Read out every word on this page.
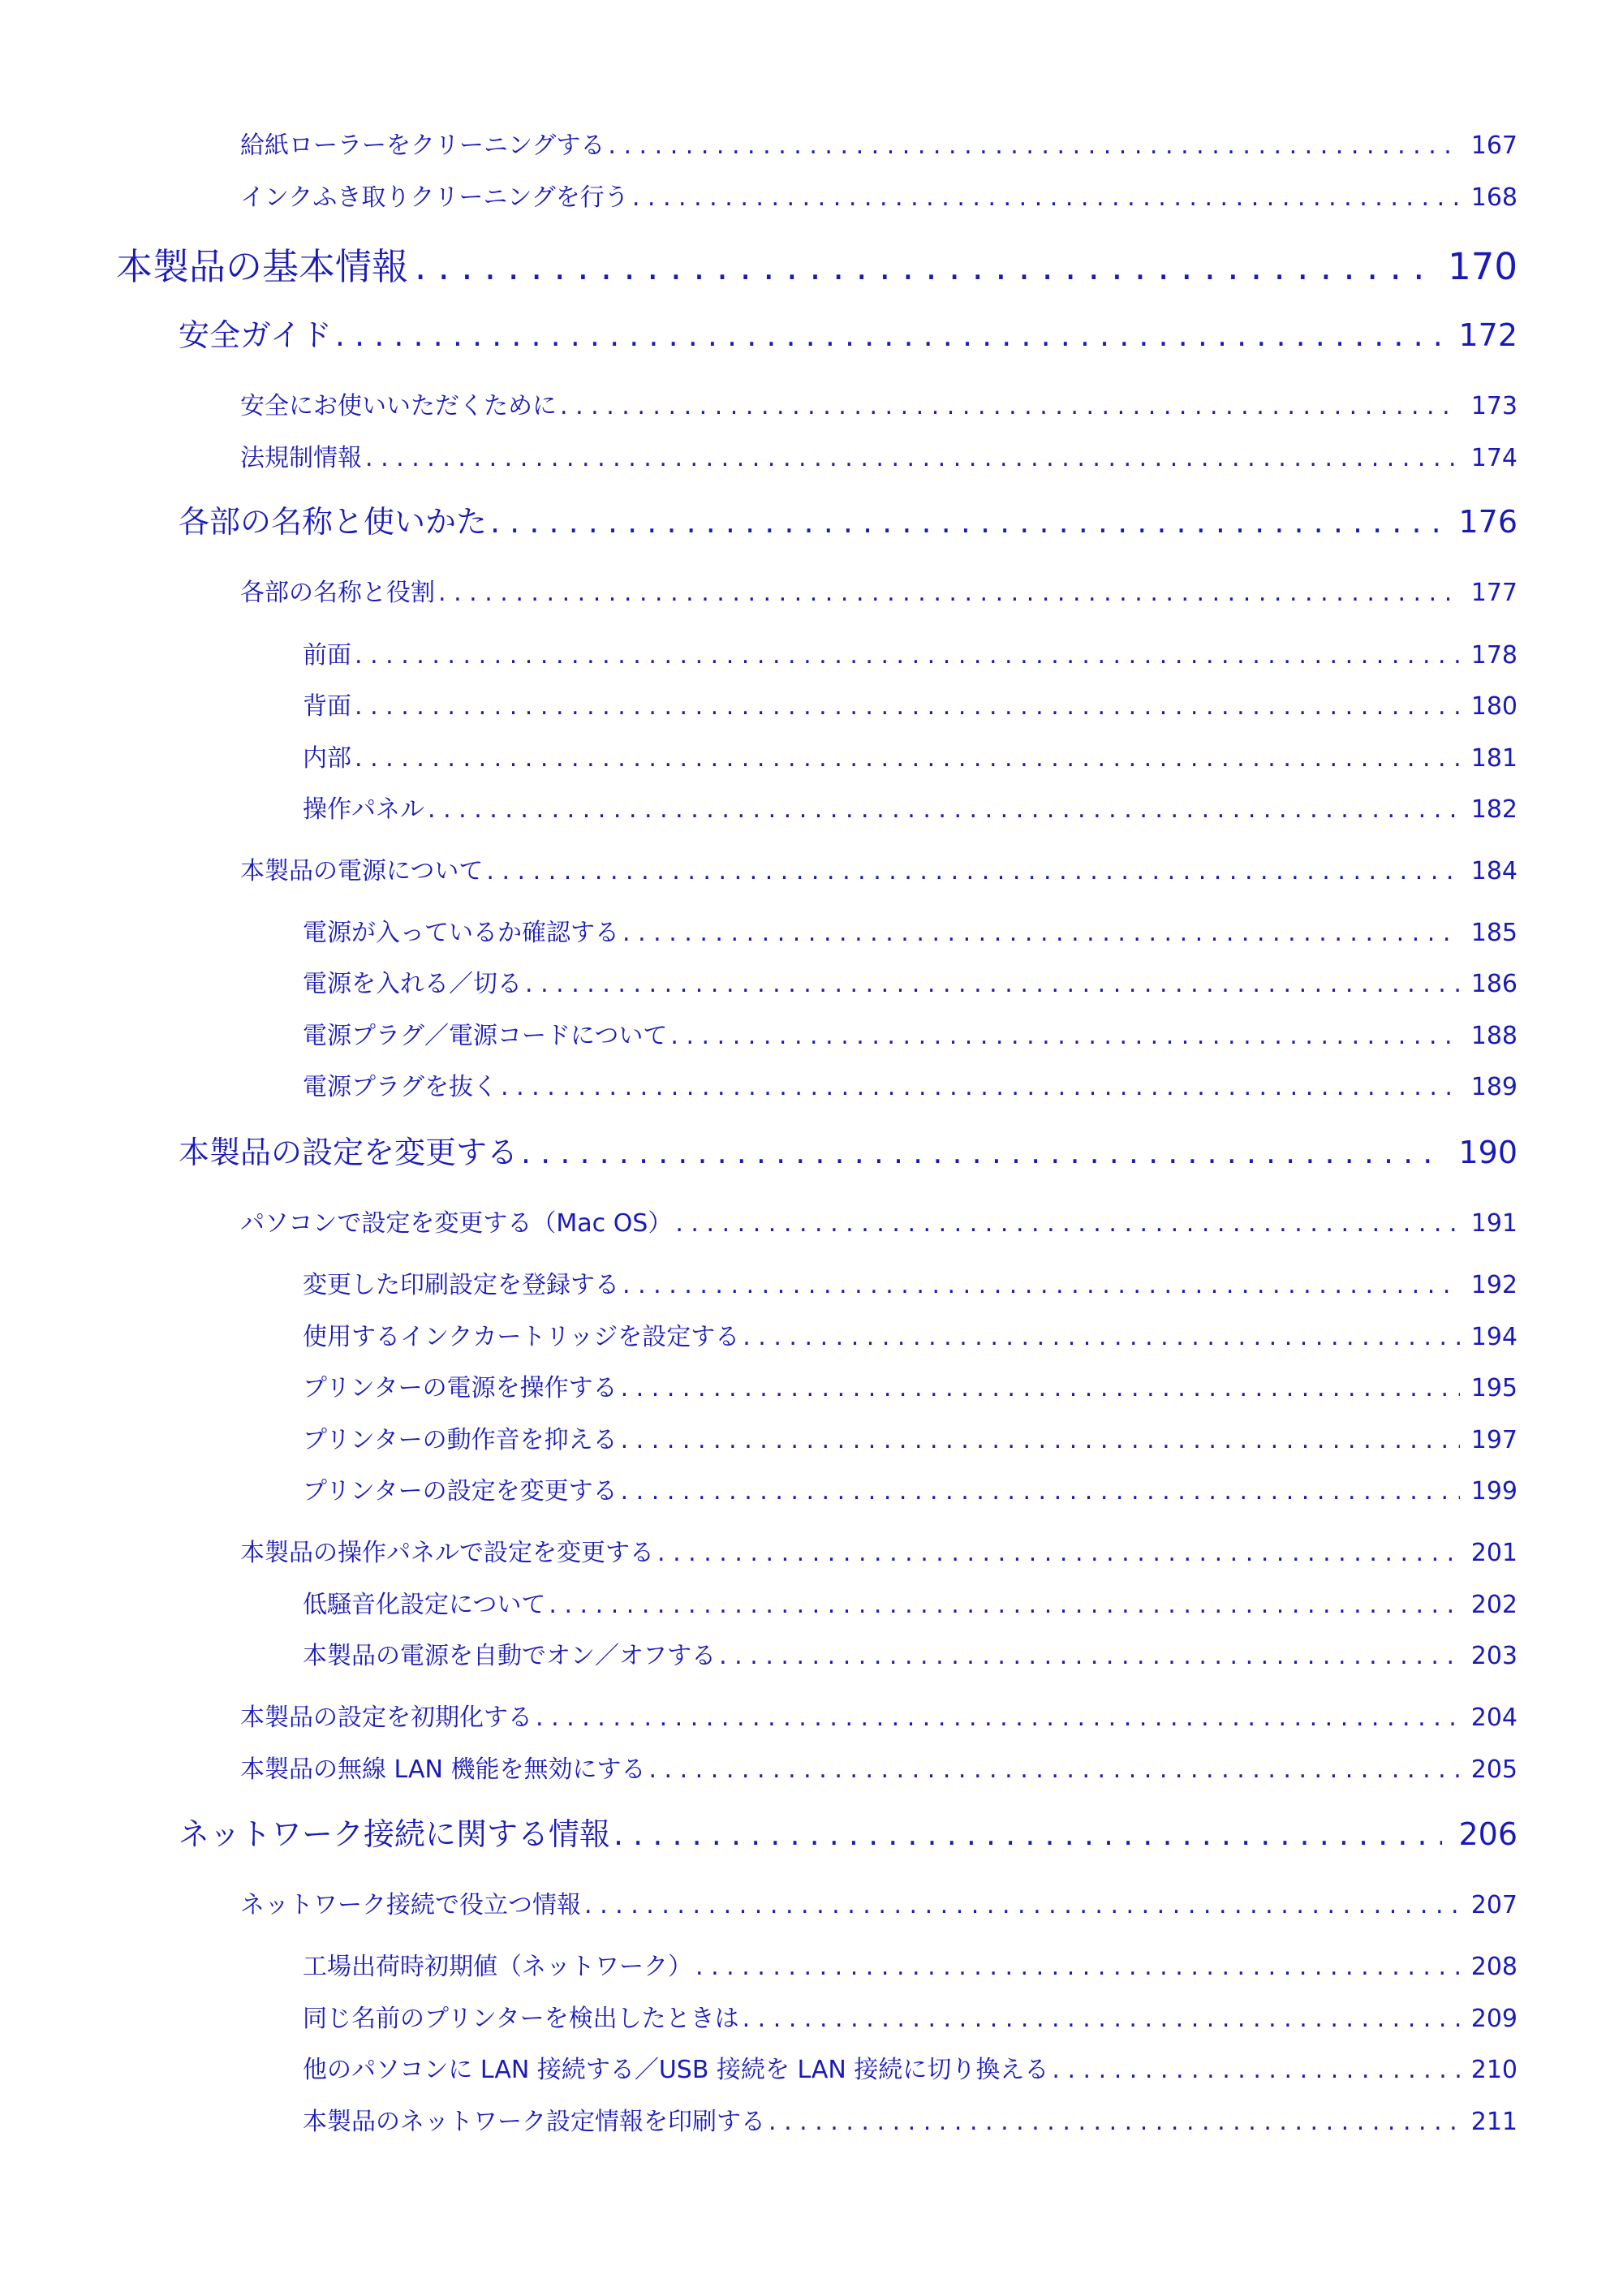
給紙ローラーをクリーニングする . . .	167
インクふき取りクリーニングを行う . . .	168
本製品の基本情報 . . .	170
安全ガイド . . .	172
安全にお使いいただくために . . .	173
法規制情報 . . .	174
各部の名称と使いかた . . .	176
各部の名称と役割 . . .	177
前面 . . .	178
背面 . . .	180
内部 . . .	181
操作パネル . . .	182
本製品の電源について . . .	184
電源が入っているか確認する . . .	185
電源を入れる／切る . . .	186
電源プラグ／電源コードについて . . .	188
電源プラグを抜く . . .	189
本製品の設定を変更する . . .	190
パソコンで設定を変更する（Mac OS） . . .	191
変更した印刷設定を登録する . . .	192
使用するインクカートリッジを設定する . . .	194
プリンターの電源を操作する . . .	195
プリンターの動作音を抑える . . .	197
プリンターの設定を変更する . . .	199
本製品の操作パネルで設定を変更する . . .	201
低騒音化設定について . . .	202
本製品の電源を自動でオン／オフする . . .	203
本製品の設定を初期化する . . .	204
本製品の無線 LAN 機能を無効にする . . .	205
ネットワーク接続に関する情報 . . .	206
ネットワーク接続で役立つ情報 . . .	207
工場出荷時初期値（ネットワーク） . . .	208
同じ名前のプリンターを検出したときは . . .	209
他のパソコンに LAN 接続する／USB 接続を LAN 接続に切り換える . . .	210
本製品のネットワーク設定情報を印刷する . . .	211
